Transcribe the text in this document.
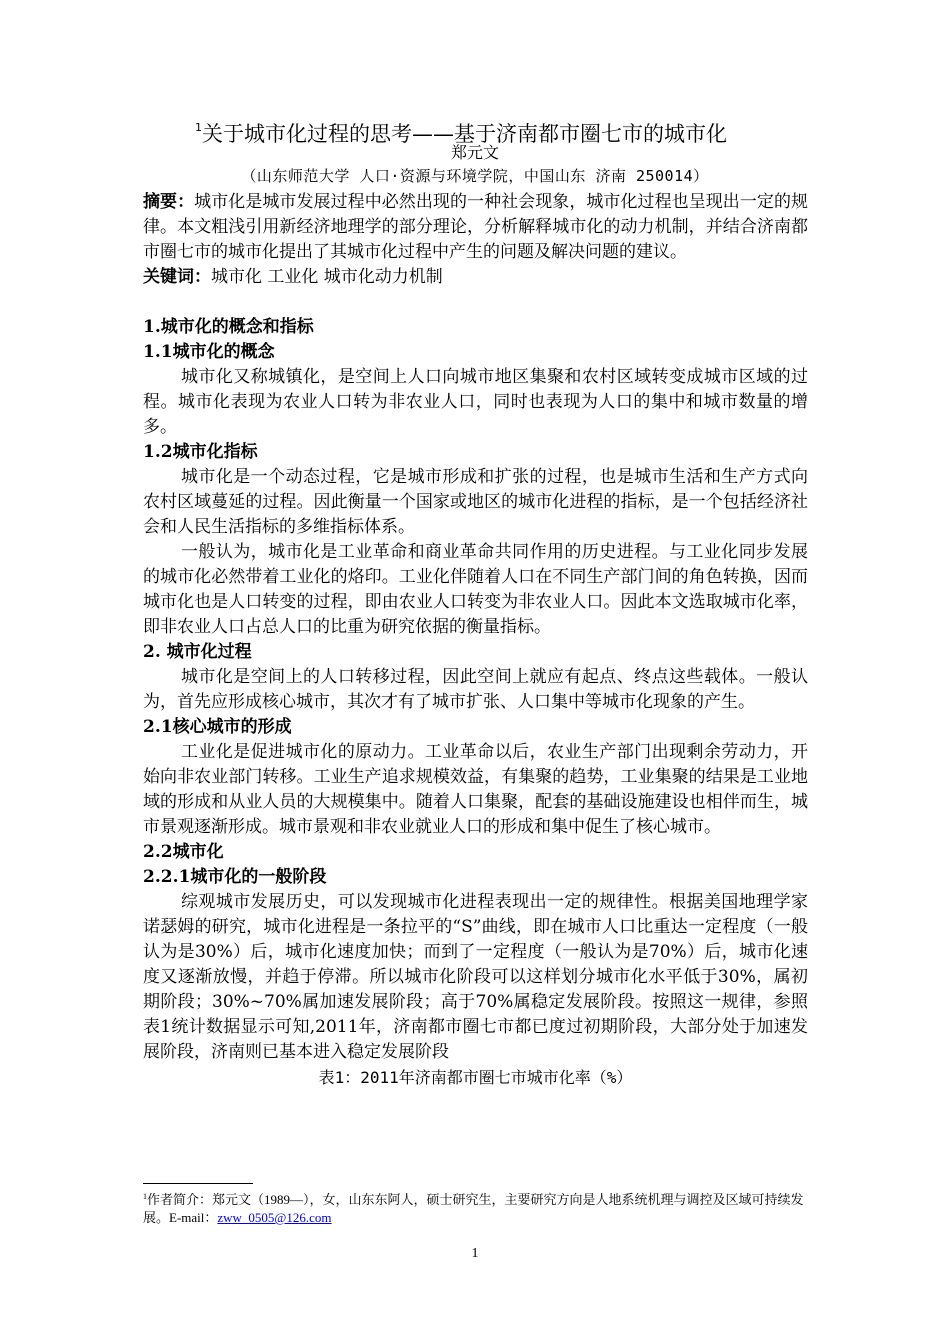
$^1$关于城市化过程的思考——基于济南都市圈七市的城市化
郑元文
（山东师范大学 人口·资源与环境学院，中国山东 济南 250014）

摘要：城市化是城市发展过程中必然出现的一种社会现象，城市化过程也呈现出一定的规律。本文粗浅引用新经济地理学的部分理论，分析解释城市化的动力机制，并结合济南都市圈七市的城市化提出了其城市化过程中产生的问题及解决问题的建议。

关键词：城市化 工业化 城市化动力机制

1.城市化的概念和指标

1.1城市化的概念

城市化又称城镇化，是空间上人口向城市地区集聚和农村区域转变成城市区域的过程。城市化表现为农业人口转为非农业人口，同时也表现为人口的集中和城市数量的增多。

1.2城市化指标

城市化是一个动态过程，它是城市形成和扩张的过程，也是城市生活和生产方式向农村区域蔓延的过程。因此衡量一个国家或地区的城市化进程的指标，是一个包括经济社会和人民生活指标的多维指标体系。

一般认为，城市化是工业革命和商业革命共同作用的历史进程。与工业化同步发展的城市化必然带着工业化的烙印。工业化伴随着人口在不同生产部门间的角色转换，因而城市化也是人口转变的过程，即由农业人口转变为非农业人口。因此本文选取城市化率，即非农业人口占总人口的比重为研究依据的衡量指标。

2. 城市化过程

城市化是空间上的人口转移过程，因此空间上就应有起点、终点这些载体。一般认为，首先应形成核心城市，其次才有了城市扩张、人口集中等城市化现象的产生。

2.1核心城市的形成

工业化是促进城市化的原动力。工业革命以后，农业生产部门出现剩余劳动力，开始向非农业部门转移。工业生产追求规模效益，有集聚的趋势，工业集聚的结果是工业地域的形成和从业人员的大规模集中。随着人口集聚，配套的基础设施建设也相伴而生，城市景观逐渐形成。城市景观和非农业就业人口的形成和集中促生了核心城市。

2.2城市化

2.2.1城市化的一般阶段

综观城市发展历史，可以发现城市化进程表现出一定的规律性。根据美国地理学家诺瑟姆的研究，城市化进程是一条拉平的“S”曲线，即在城市人口比重达一定程度（一般认为是30%）后，城市化速度加快；而到了一定程度（一般认为是70%）后，城市化速度又逐渐放慢，并趋于停滞。所以城市化阶段可以这样划分城市化水平低于30%，属初期阶段；30%~70%属加速发展阶段；高于70%属稳定发展阶段。按照这一规律，参照表1统计数据显示可知,2011年，济南都市圈七市都已度过初期阶段，大部分处于加速发展阶段，济南则已基本进入稳定发展阶段

表1：2011年济南都市圈七市城市化率（%）

$^1$作者简介：郑元文（1989—），女，山东东阿人，硕士研究生，主要研究方向是人地系统机理与调控及区域可持续发展。E-mail：zww_0505@126.com
1
